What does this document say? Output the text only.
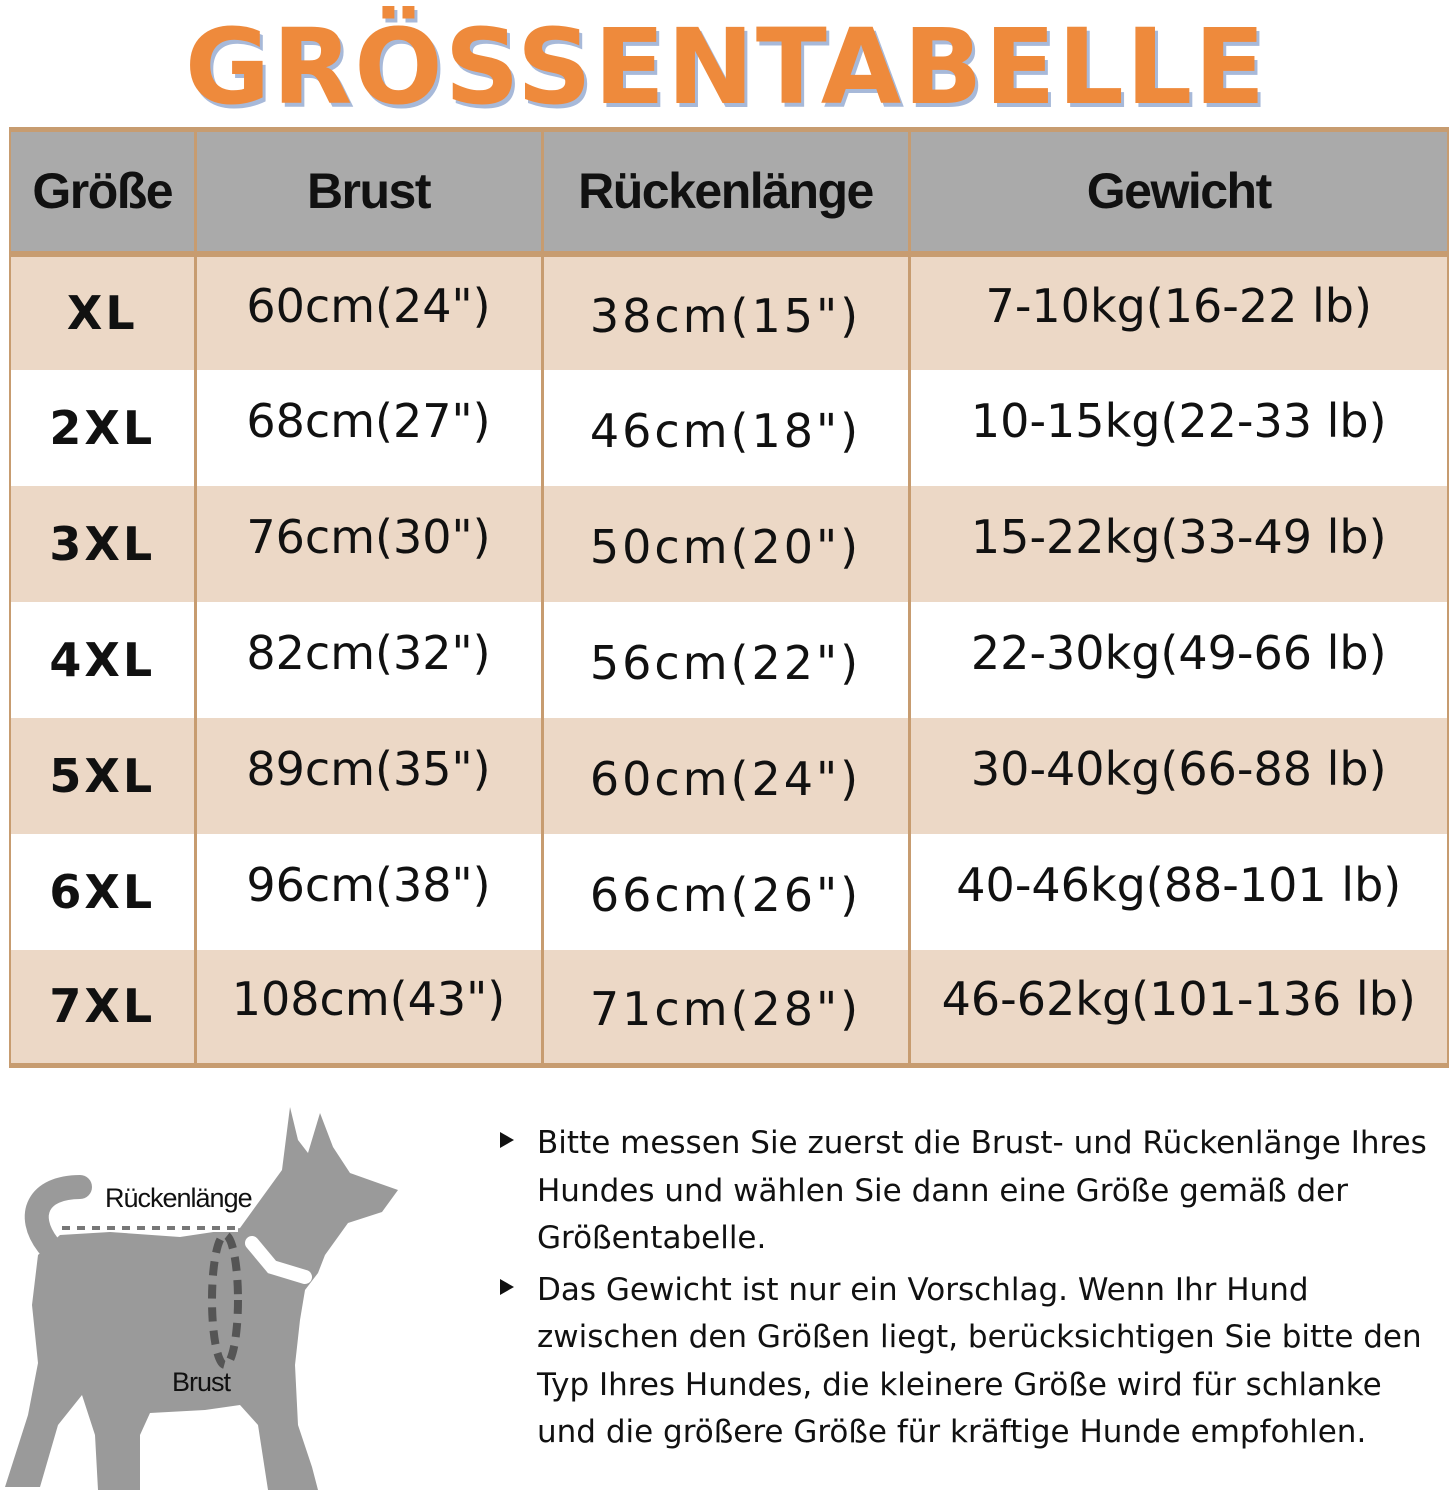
GRÖSSENTABELLE
Größe	Brust	Rückenlänge	Gewicht
XL	60cm(24")	38cm(15")	7-10kg(16-22 lb)
2XL	68cm(27")	46cm(18")	10-15kg(22-33 lb)
3XL	76cm(30")	50cm(20")	15-22kg(33-49 lb)
4XL	82cm(32")	56cm(22")	22-30kg(49-66 lb)
5XL	89cm(35")	60cm(24")	30-40kg(66-88 lb)
6XL	96cm(38")	66cm(26")	40-46kg(88-101 lb)
7XL	108cm(43")	71cm(28")	46-62kg(101-136 lb)
Rückenlänge
Brust
Bitte messen Sie zuerst die Brust- und Rückenlänge Ihres Hundes und wählen Sie dann eine Größe gemäß der Größentabelle.
Das Gewicht ist nur ein Vorschlag. Wenn Ihr Hund zwischen den Größen liegt, berücksichtigen Sie bitte den Typ Ihres Hundes, die kleinere Größe wird für schlanke und die größere Größe für kräftige Hunde empfohlen.
